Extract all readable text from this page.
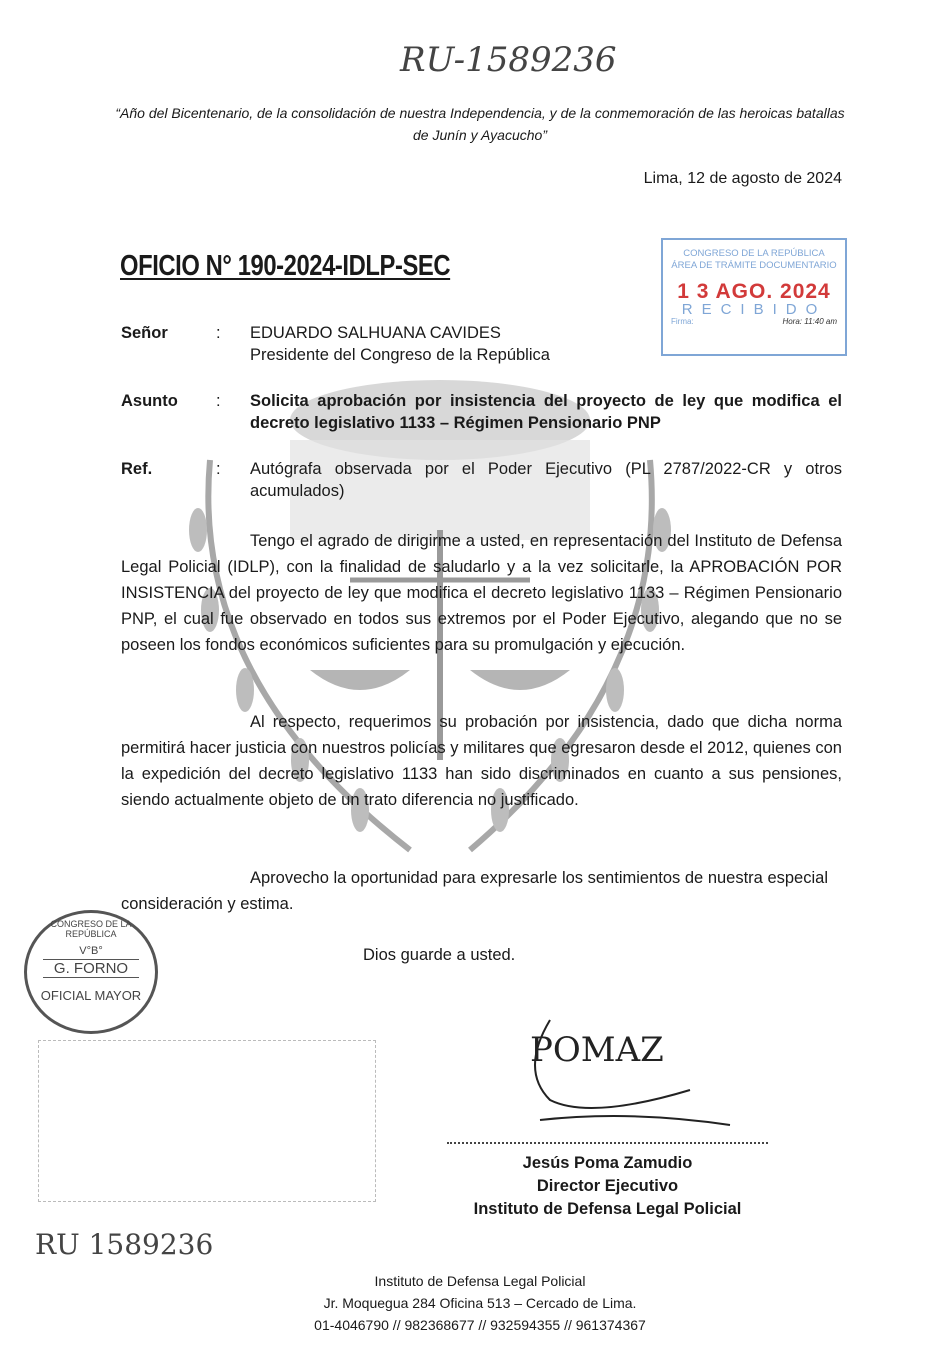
RU-1589236
“Año del Bicentenario, de la consolidación de nuestra Independencia, y de la conmemoración de las heroicas batallas de Junín y Ayacucho”
Lima, 12 de agosto de 2024
OFICIO N° 190-2024-IDLP-SEC	CONGRESO DE LA REPÚBLICA
ÁREA DE TRÁMITE DOCUMENTARIO
1 3 AGO. 2024
RECIBIDO
Firma:	Hora: 11:40 am
Señor	: EDUARDO SALHUANA CAVIDES
Presidente del Congreso de la República
Asunto : Solicita aprobación por insistencia del proyecto de ley que modifica el decreto legislativo 1133 – Régimen Pensionario PNP
Ref.	: Autógrafa observada por el Poder Ejecutivo (PL 2787/2022-CR y otros acumulados)
Tengo el agrado de dirigirme a usted, en representación del Instituto de Defensa Legal Policial (IDLP), con la finalidad de saludarlo y a la vez solicitarle, la APROBACIÓN POR INSISTENCIA del proyecto de ley que modifica el decreto legislativo 1133 – Régimen Pensionario PNP, el cual fue observado en todos sus extremos por el Poder Ejecutivo, alegando que no se poseen los fondos económicos suficientes para su promulgación y ejecución.
Al respecto, requerimos su probación por insistencia, dado que dicha norma permitirá hacer justicia con nuestros policías y militares que egresaron desde el 2012, quienes con la expedición del decreto legislativo 1133 han sido discriminados en cuanto a sus pensiones, siendo actualmente objeto de un trato diferencia no justificado.
Aprovecho la oportunidad para expresarle los sentimientos de nuestra especial consideración y estima.
Dios guarde a usted.
CONGRESO DE LA REPÚBLICA
V°B°
G. FORNO
OFICIAL MAYOR
POMAZ
Jesús Poma Zamudio
Director Ejecutivo
Instituto de Defensa Legal Policial
RU 1589236
Instituto de Defensa Legal Policial
Jr. Moquegua 284 Oficina 513 – Cercado de Lima.
01-4046790 // 982368677 // 932594355 // 961374367
